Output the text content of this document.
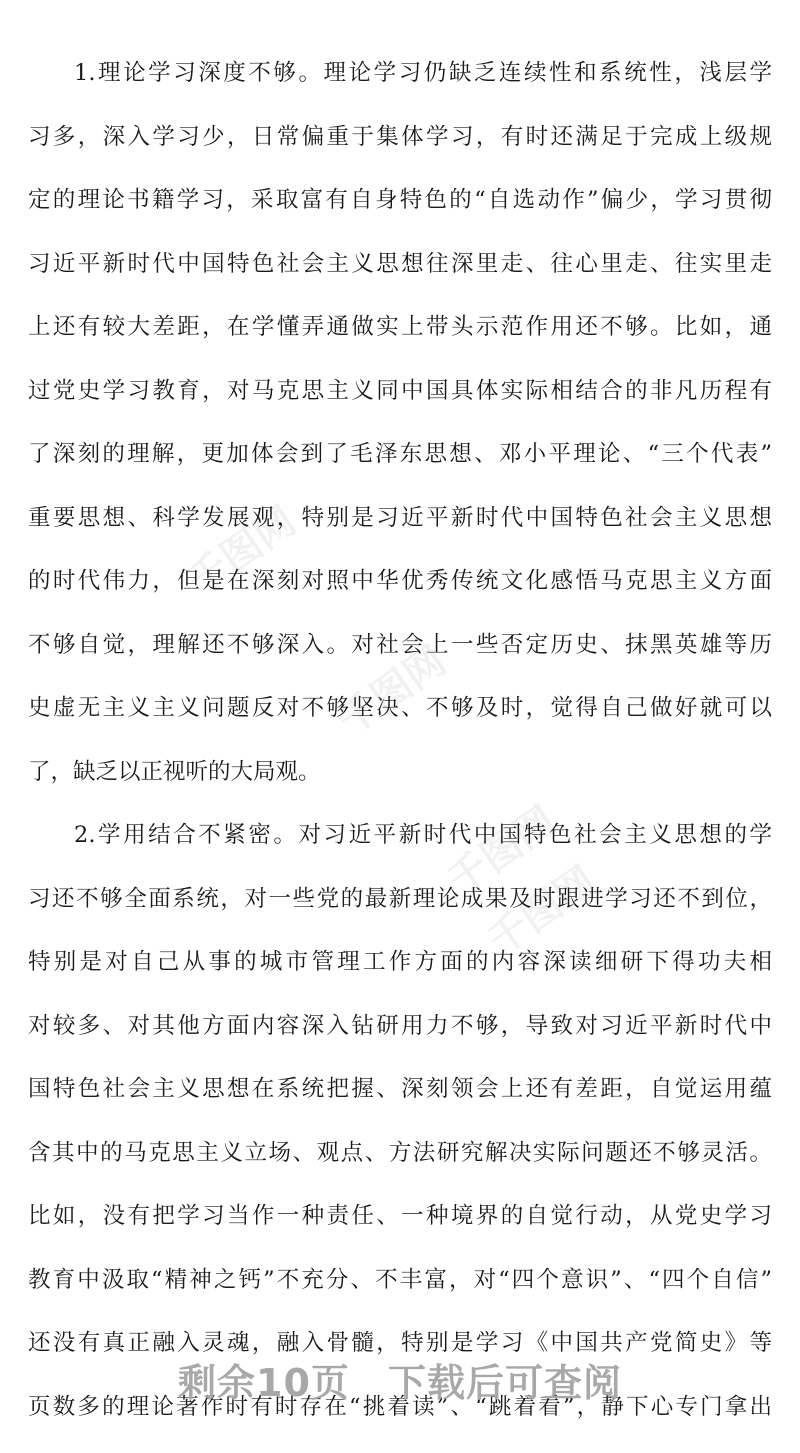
千图网
千图网
千图网
千图网
1.理论学习深度不够。理论学习仍缺乏连续性和系统性，浅层学
习多，深入学习少，日常偏重于集体学习，有时还满足于完成上级规
定的理论书籍学习，采取富有自身特色的“自选动作”偏少，学习贯彻
习近平新时代中国特色社会主义思想往深里走、往心里走、往实里走
上还有较大差距，在学懂弄通做实上带头示范作用还不够。比如，通
过党史学习教育，对马克思主义同中国具体实际相结合的非凡历程有
了深刻的理解，更加体会到了毛泽东思想、邓小平理论、“三个代表”
重要思想、科学发展观，特别是习近平新时代中国特色社会主义思想
的时代伟力，但是在深刻对照中华优秀传统文化感悟马克思主义方面
不够自觉，理解还不够深入。对社会上一些否定历史、抹黑英雄等历
史虚无主义主义问题反对不够坚决、不够及时，觉得自己做好就可以
了，缺乏以正视听的大局观。
2.学用结合不紧密。对习近平新时代中国特色社会主义思想的学
习还不够全面系统，对一些党的最新理论成果及时跟进学习还不到位，
特别是对自己从事的城市管理工作方面的内容深读细研下得功夫相
对较多、对其他方面内容深入钻研用力不够，导致对习近平新时代中
国特色社会主义思想在系统把握、深刻领会上还有差距，自觉运用蕴
含其中的马克思主义立场、观点、方法研究解决实际问题还不够灵活。
比如，没有把学习当作一种责任、一种境界的自觉行动，从党史学习
教育中汲取“精神之钙”不充分、不丰富，对“四个意识”、“四个自信”
还没有真正融入灵魂，融入骨髓，特别是学习《中国共产党简史》等
页数多的理论著作时有时存在“挑着读”、“跳着看”，静下心专门拿出
剩余10页 下载后可查阅
